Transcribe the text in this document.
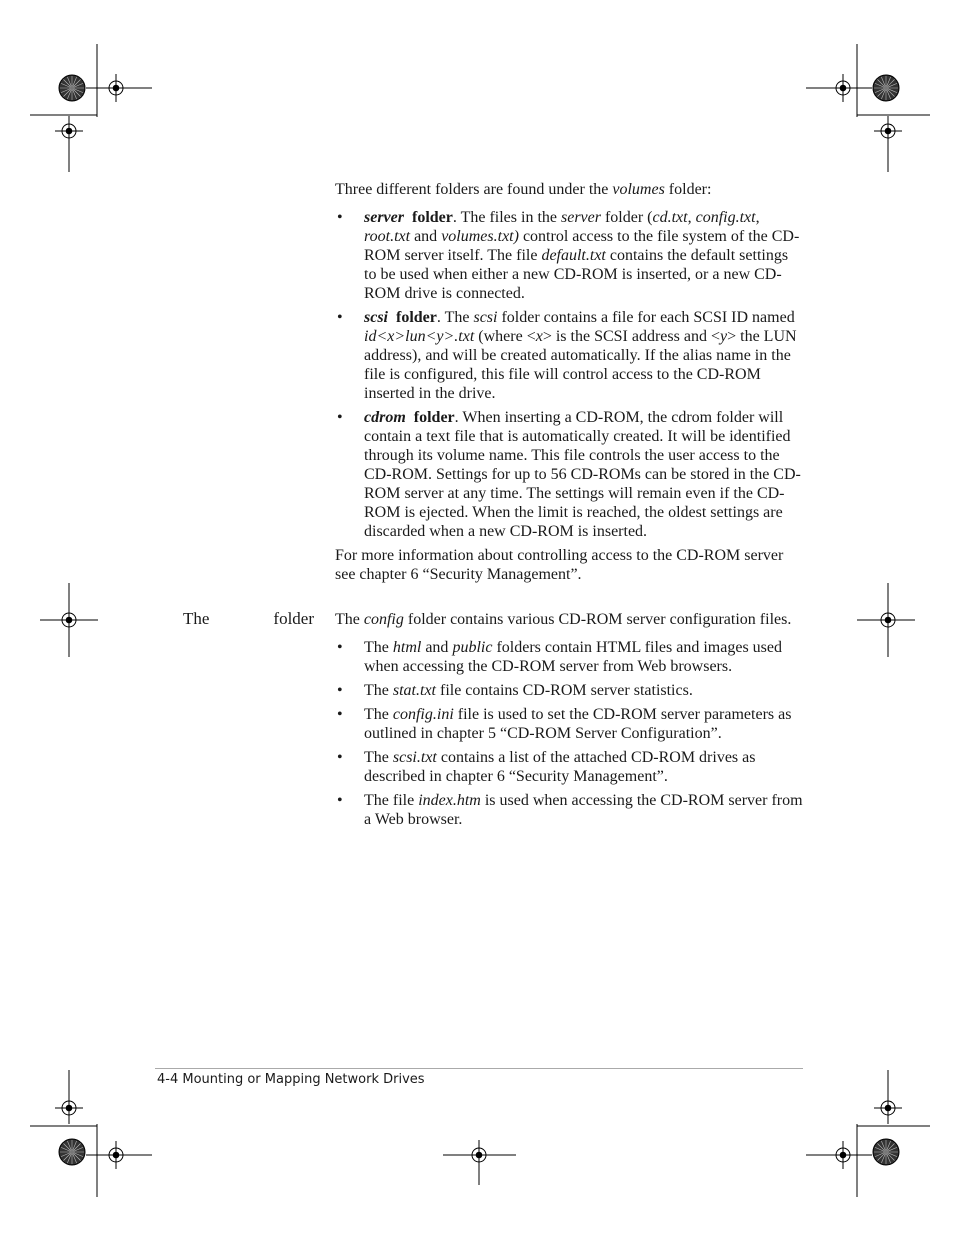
Three different folders are found under the volumes folder:

• server folder. The files in the server folder (cd.txt, config.txt, root.txt and volumes.txt) control access to the file system of the CD-ROM server itself. The file default.txt contains the default settings to be used when either a new CD-ROM is inserted, or a new CD-ROM drive is connected.
• scsi folder. The scsi folder contains a file for each SCSI ID named id<x>lun<y>.txt (where <x> is the SCSI address and <y> the LUN address), and will be created automatically. If the alias name in the file is configured, this file will control access to the CD-ROM inserted in the drive.
• cdrom folder. When inserting a CD-ROM, the cdrom folder will contain a text file that is automatically created. It will be identified through its volume name. This file controls the user access to the CD-ROM. Settings for up to 56 CD-ROMs can be stored in the CD-ROM server at any time. The settings will remain even if the CD-ROM is ejected. When the limit is reached, the oldest settings are discarded when a new CD-ROM is inserted.

For more information about controlling access to the CD-ROM server see chapter 6 “Security Management”.

The	folder The config folder contains various CD-ROM server configuration files.

• The html and public folders contain HTML files and images used when accessing the CD-ROM server from Web browsers.
• The stat.txt file contains CD-ROM server statistics.
• The config.ini file is used to set the CD-ROM server parameters as outlined in chapter 5 “CD-ROM Server Configuration”.
• The scsi.txt contains a list of the attached CD-ROM drives as described in chapter 6 “Security Management”.
• The file index.htm is used when accessing the CD-ROM server from a Web browser.
4-4 Mounting or Mapping Network Drives
